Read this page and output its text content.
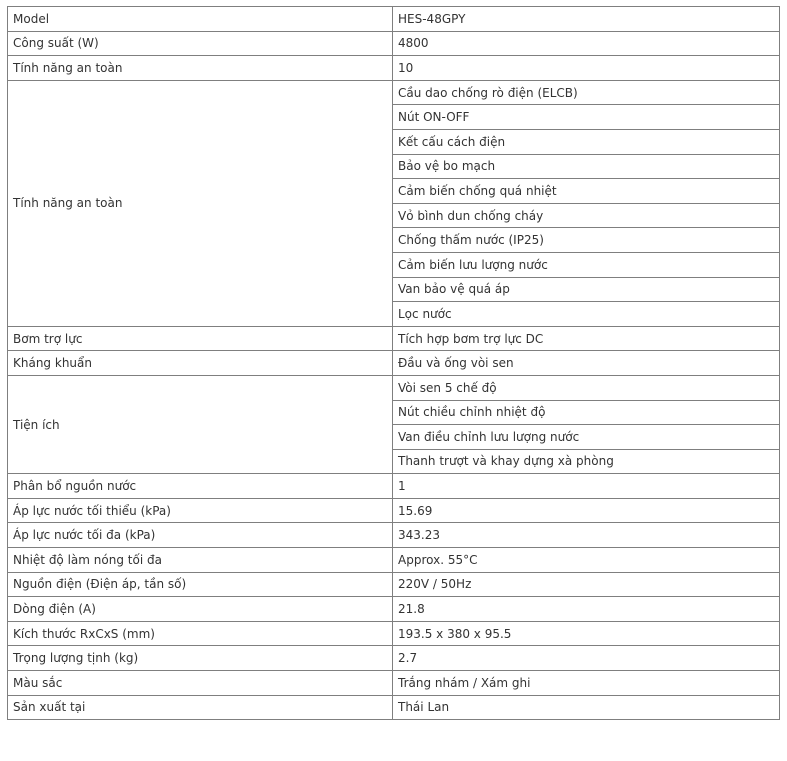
Model	HES-48GPY
Công suất (W)	4800
Tính năng an toàn	10
Tính năng an toàn	Cầu dao chống rò điện (ELCB)
	Nút ON-OFF
	Kết cấu cách điện
	Bảo vệ bo mạch
	Cảm biến chống quá nhiệt
	Vỏ bình dun chống cháy
	Chống thấm nước (IP25)
	Cảm biến lưu lượng nước
	Van bảo vệ quá áp
	Lọc nước
Bơm trợ lực	Tích hợp bơm trợ lực DC
Kháng khuẩn	Đầu và ống vòi sen
Tiện ích	Vòi sen 5 chế độ
	Nút chiều chỉnh nhiệt độ
	Van điều chỉnh lưu lượng nước
	Thanh trượt và khay dựng xà phòng
Phân bổ nguồn nước	1
Áp lực nước tối thiểu (kPa)	15.69
Áp lực nước tối đa (kPa)	343.23
Nhiệt độ làm nóng tối đa	Approx. 55°C
Nguồn điện (Điện áp, tần số)	220V / 50Hz
Dòng điện (A)	21.8
Kích thước RxCxS (mm)	193.5 x 380 x 95.5
Trọng lượng tịnh (kg)	2.7
Màu sắc	Trắng nhám / Xám ghi
Sản xuất tại	Thái Lan
